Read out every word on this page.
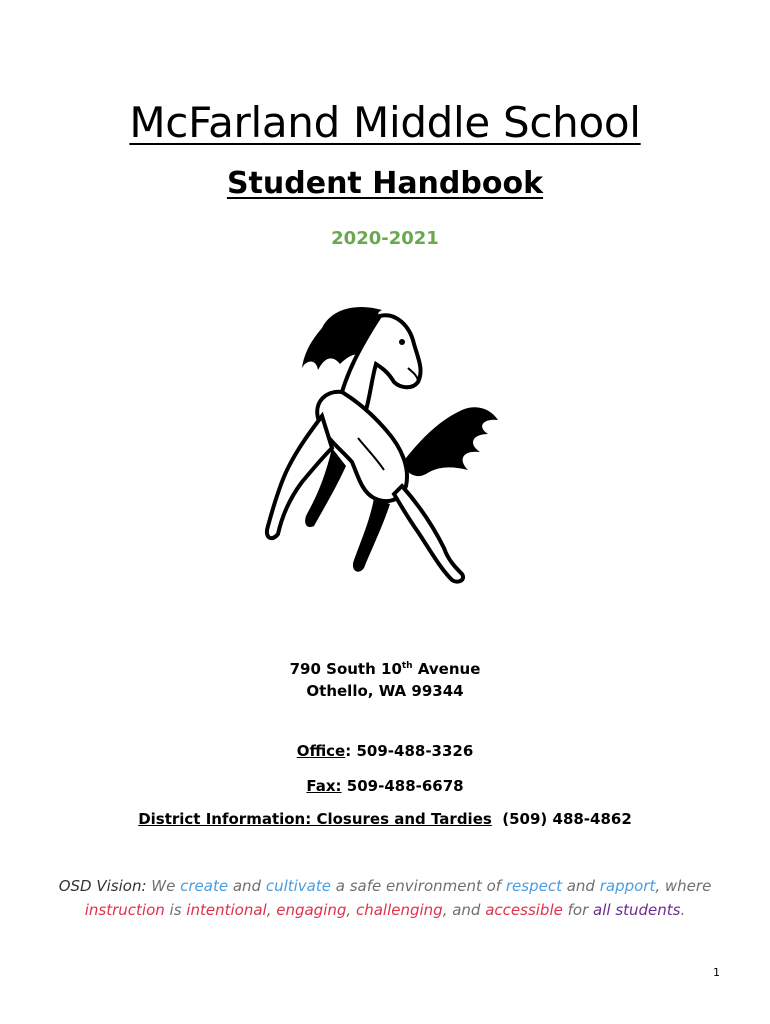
McFarland Middle School
Student Handbook
2020-2021
790 South 10th Avenue
Othello, WA 99344
Office: 509-488-3326
Fax: 509-488-6678
District Information: Closures and Tardies  (509) 488-4862
OSD Vision: We create and cultivate a safe environment of respect and rapport, where
instruction is intentional, engaging, challenging, and accessible for all students.
1
